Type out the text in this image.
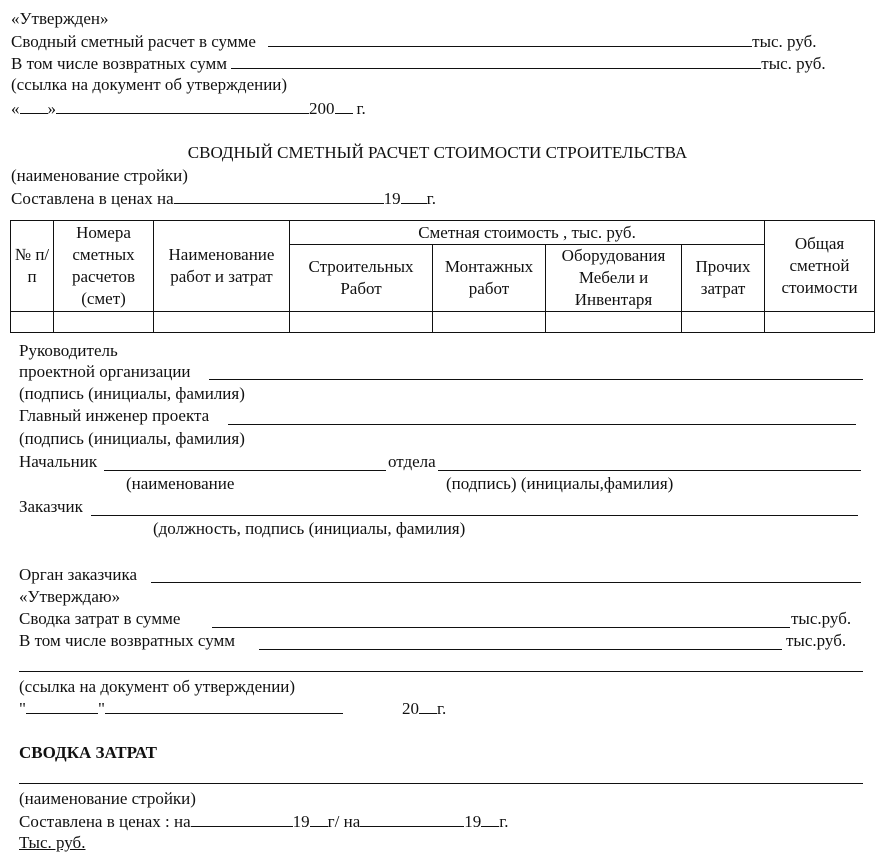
«Утвержден»
Сводный сметный расчет в сумме	тыс. руб.
В том числе возвратных сумм	тыс. руб.
(ссылка на документ об утверждении)
« »	200 г.
СВОДНЫЙ СМЕТНЫЙ РАСЧЕТ СТОИМОСТИ СТРОИТЕЛЬСТВА
(наименование стройки)
Составлена в ценах на	19 г.
№ п/п	Номера сметных расчетов (смет)	Наименование работ и затрат	Сметная стоимость , тыс. руб.				Общая сметной стоимости
			Строительных Работ	Монтажных работ	Оборудования Мебели и Инвентаря	Прочих затрат	

Руководитель
проектной организации
(подпись (инициалы, фамилия)
Главный инженер проекта
(подпись (инициалы, фамилия)
Начальник	отдела
(наименование	(подпись) (инициалы,фамилия)
Заказчик
(должность, подпись (инициалы, фамилия)
Орган заказчика
«Утверждаю»
Сводка затрат в сумме	тыс.руб.
В том числе возвратных сумм	тыс.руб.
(ссылка на документ об утверждении)
"	"	20 г.
СВОДКА ЗАТРАТ
(наименование стройки)
Составлена в ценах : на	19 г/ на	19 г.
Тыс. руб.
